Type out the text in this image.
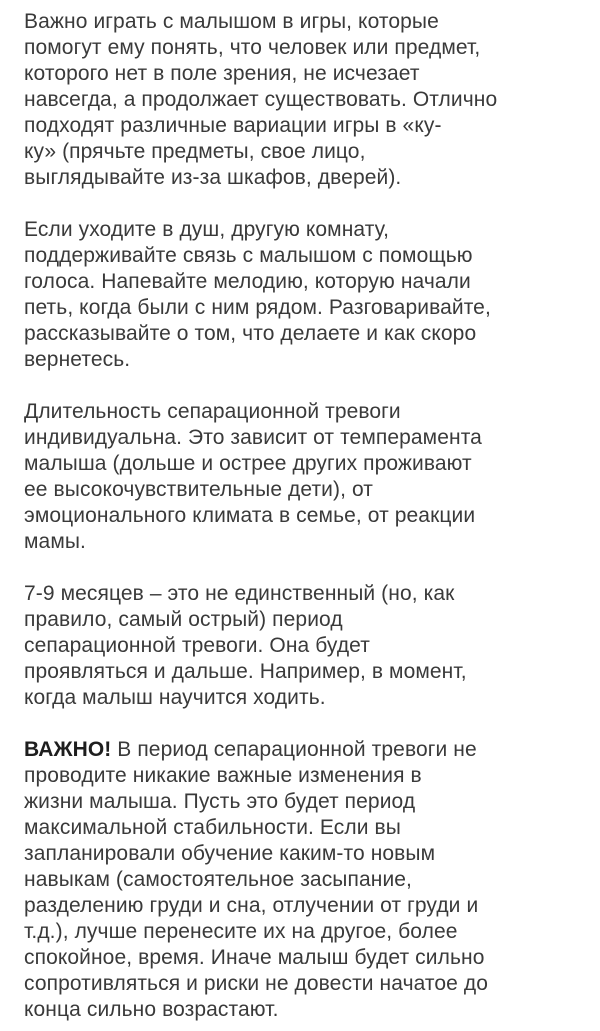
Важно играть с малышом в игры, которые
помогут ему понять, что человек или предмет,
которого нет в поле зрения, не исчезает
навсегда, а продолжает существовать. Отлично
подходят различные вариации игры в «ку-
ку» (прячьте предметы, свое лицо,
выглядывайте из-за шкафов, дверей).

Если уходите в душ, другую комнату,
поддерживайте связь с малышом с помощью
голоса. Напевайте мелодию, которую начали
петь, когда были с ним рядом. Разговаривайте,
рассказывайте о том, что делаете и как скоро
вернетесь.

Длительность сепарационной тревоги
индивидуальна. Это зависит от темперамента
малыша (дольше и острее других проживают
ее высокочувствительные дети), от
эмоционального климата в семье, от реакции
мамы.

7-9 месяцев – это не единственный (но, как
правило, самый острый) период
сепарационной тревоги. Она будет
проявляться и дальше. Например, в момент,
когда малыш научится ходить.

ВАЖНО! В период сепарационной тревоги не
проводите никакие важные изменения в
жизни малыша. Пусть это будет период
максимальной стабильности. Если вы
запланировали обучение каким-то новым
навыкам (самостоятельное засыпание,
разделению груди и сна, отлучении от груди и
т.д.), лучше перенесите их на другое, более
спокойное, время. Иначе малыш будет сильно
сопротивляться и риски не довести начатое до
конца сильно возрастают.
